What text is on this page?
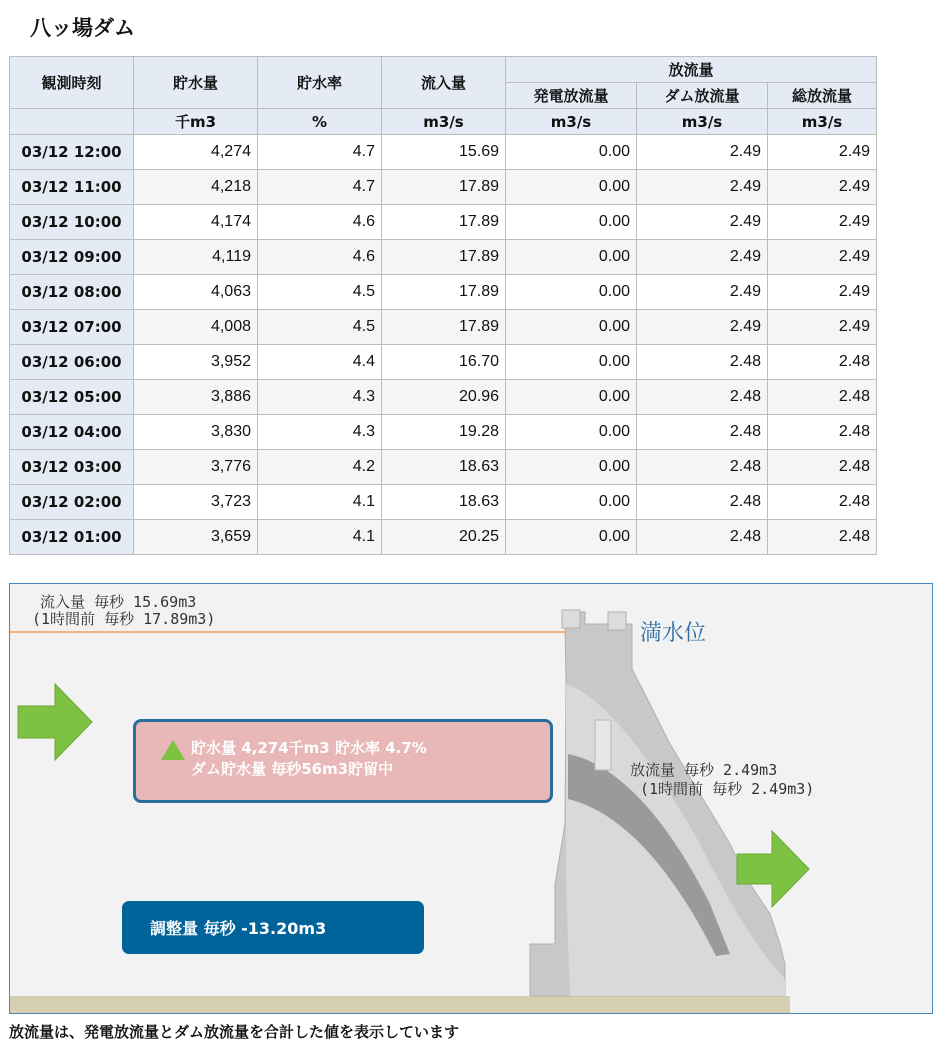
八ッ場ダム
観測時刻	貯水量	貯水率	流入量	放流量		
				発電放流量	ダム放流量	総放流量
	千m3	%	m3/s	m3/s	m3/s	m3/s
03/12 12:00	4,274	4.7	15.69	0.00	2.49	2.49
03/12 11:00	4,218	4.7	17.89	0.00	2.49	2.49
03/12 10:00	4,174	4.6	17.89	0.00	2.49	2.49
03/12 09:00	4,119	4.6	17.89	0.00	2.49	2.49
03/12 08:00	4,063	4.5	17.89	0.00	2.49	2.49
03/12 07:00	4,008	4.5	17.89	0.00	2.49	2.49
03/12 06:00	3,952	4.4	16.70	0.00	2.48	2.48
03/12 05:00	3,886	4.3	20.96	0.00	2.48	2.48
03/12 04:00	3,830	4.3	19.28	0.00	2.48	2.48
03/12 03:00	3,776	4.2	18.63	0.00	2.48	2.48
03/12 02:00	3,723	4.1	18.63	0.00	2.48	2.48
03/12 01:00	3,659	4.1	20.25	0.00	2.48	2.48
流入量 毎秒 15.69m3
(1時間前 毎秒 17.89m3)
満水位
貯水量 4,274千m3 貯水率 4.7%
ダム貯水量 毎秒56m3貯留中	放流量 毎秒 2.49m3
(1時間前 毎秒 2.49m3)
調整量 毎秒 -13.20m3
放流量は、発電放流量とダム放流量を合計した値を表示しています
